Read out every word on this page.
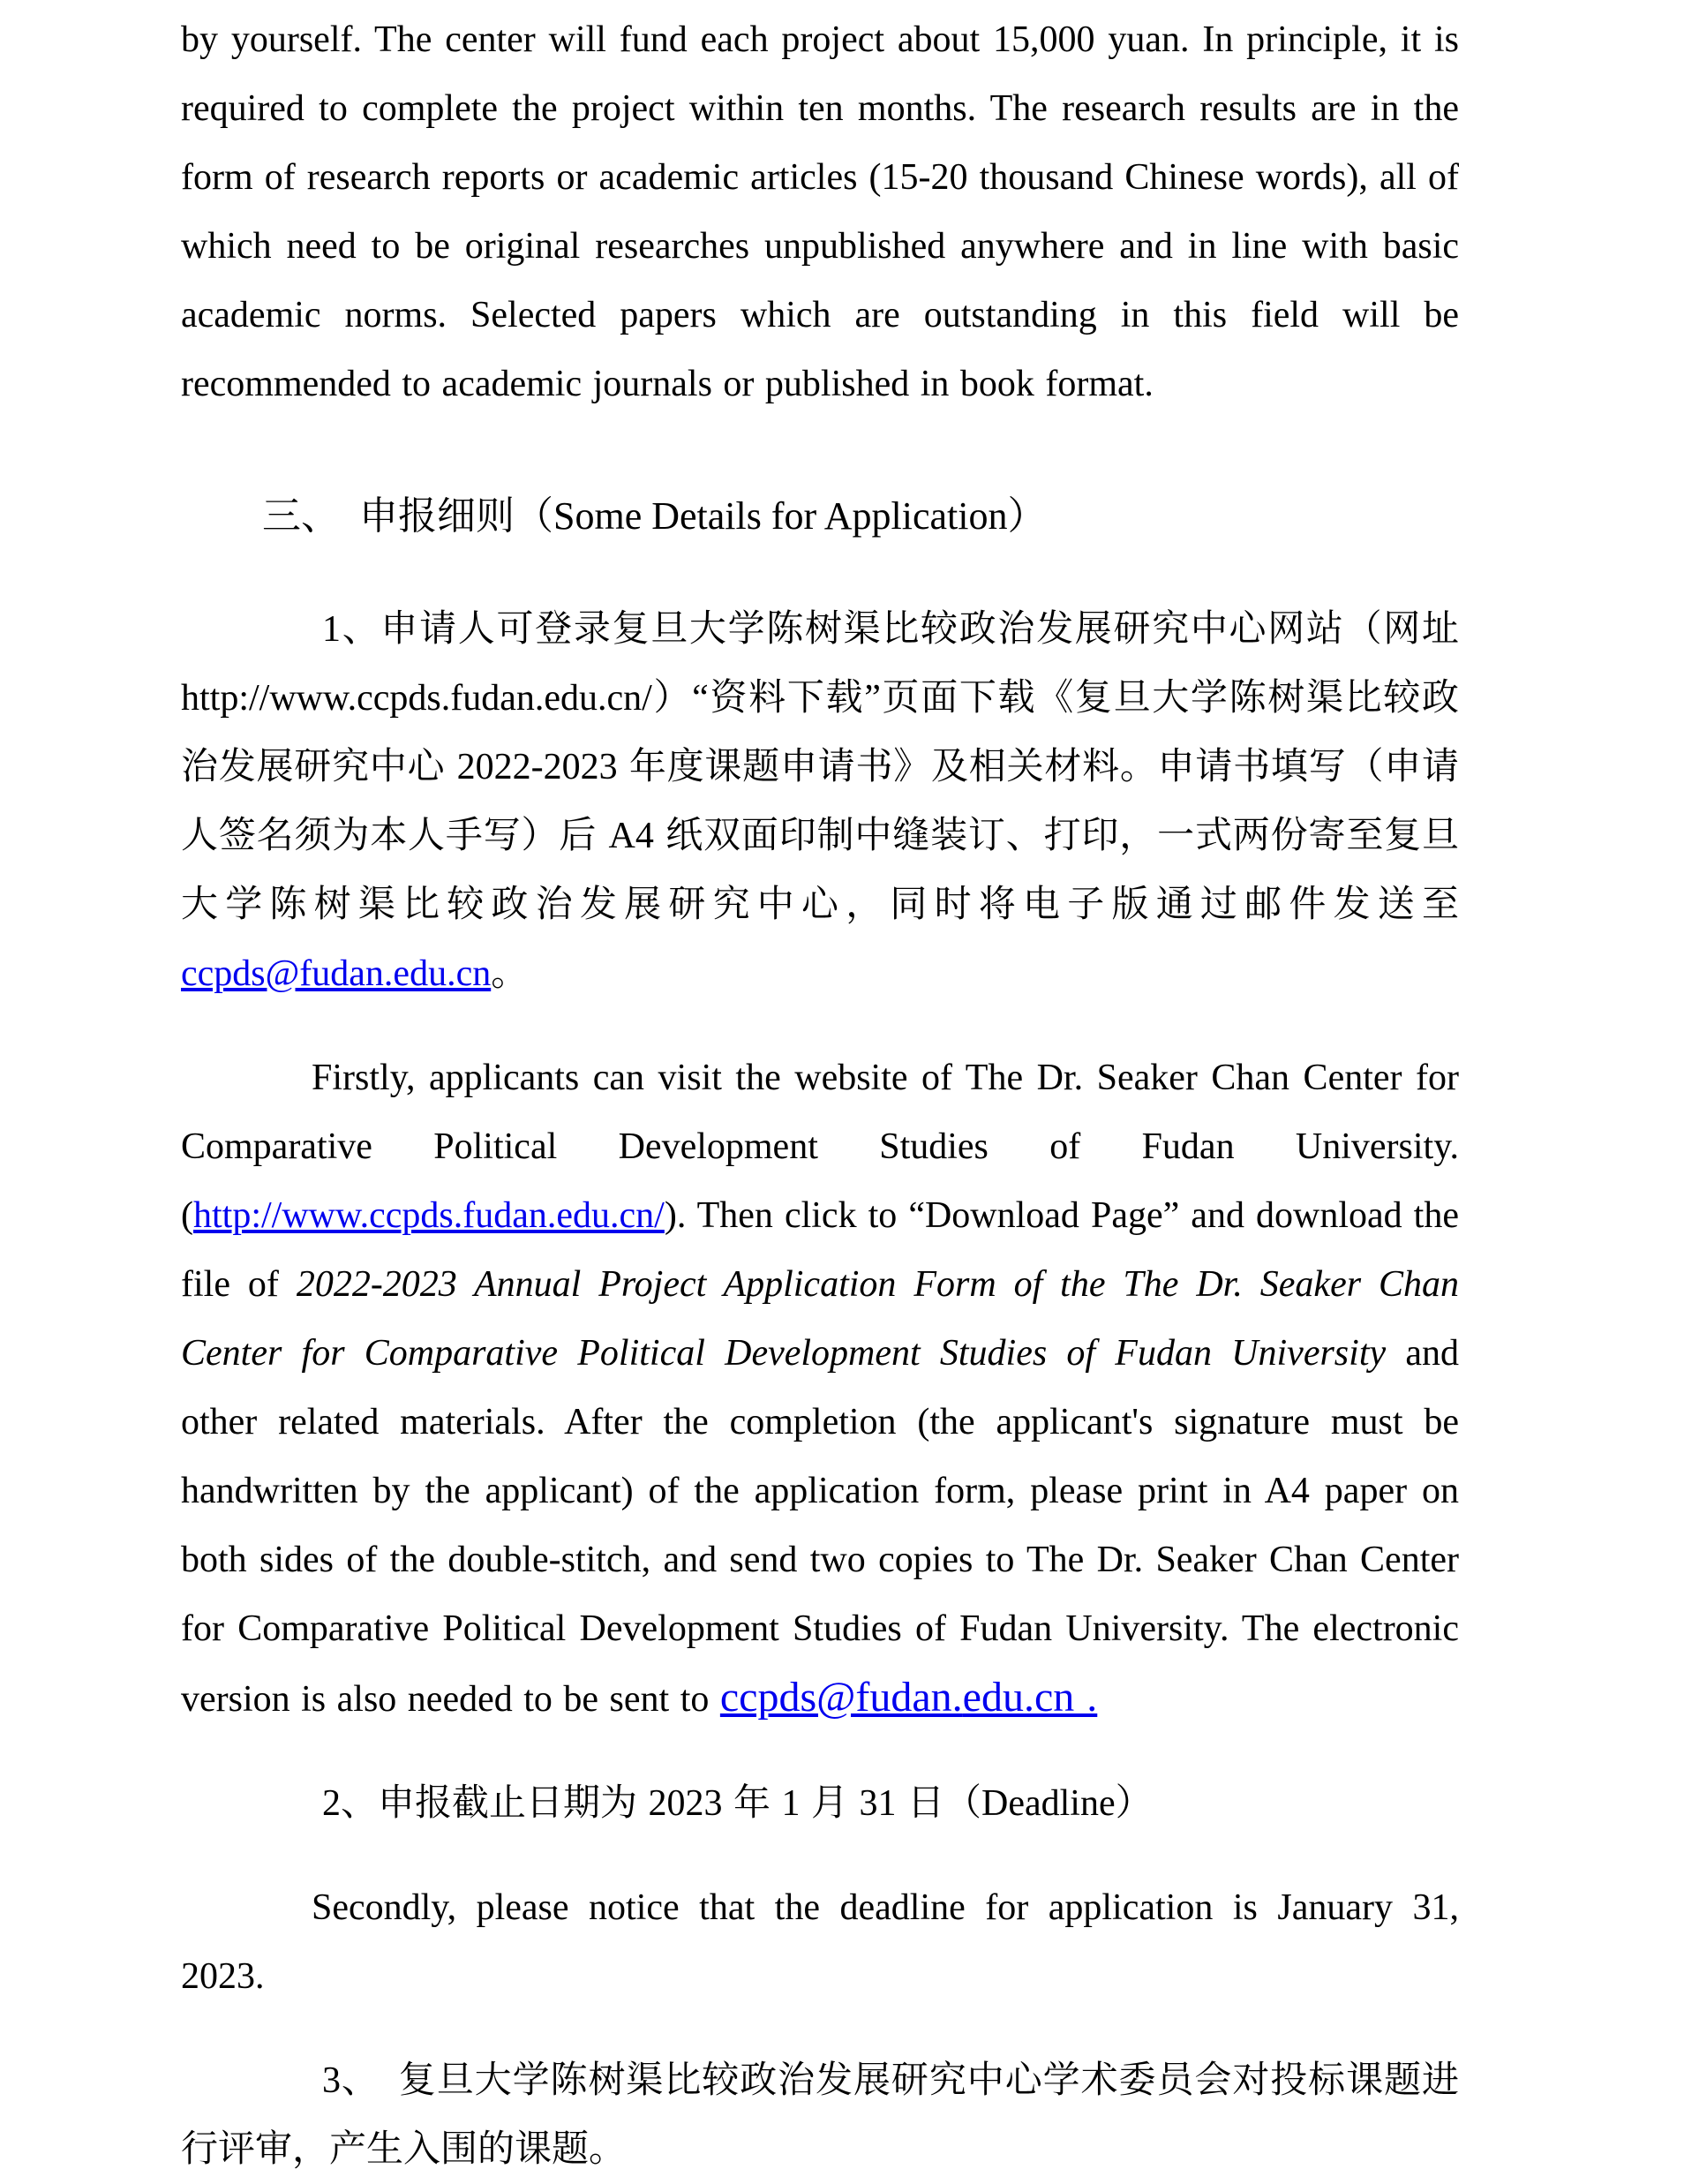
by yourself. The center will fund each project about 15,000 yuan. In principle, it is required to complete the project within ten months. The research results are in the form of research reports or academic articles (15-20 thousand Chinese words), all of which need to be original researches unpublished anywhere and in line with basic academic norms. Selected papers which are outstanding in this field will be recommended to academic journals or published in book format.

三、　申报细则（Some Details for Application）

1、申请人可登录复旦大学陈树渠比较政治发展研究中心网站（网址 http://www.ccpds.fudan.edu.cn/）“资料下载”页面下载《复旦大学陈树渠比较政治发展研究中心 2022-2023 年度课题申请书》及相关材料。申请书填写（申请人签名须为本人手写）后 A4 纸双面印制中缝装订、打印，一式两份寄至复旦大学陈树渠比较政治发展研究中心，同时将电子版通过邮件发送至ccpds@fudan.edu.cn。

Firstly, applicants can visit the website of The Dr. Seaker Chan Center for Comparative Political Development Studies of Fudan University. (http://www.ccpds.fudan.edu.cn/). Then click to “Download Page” and download the file of 2022-2023 Annual Project Application Form of the The Dr. Seaker Chan Center for Comparative Political Development Studies of Fudan University and other related materials. After the completion (the applicant's signature must be handwritten by the applicant) of the application form, please print in A4 paper on both sides of the double-stitch, and send two copies to The Dr. Seaker Chan Center for Comparative Political Development Studies of Fudan University. The electronic version is also needed to be sent to ccpds@fudan.edu.cn .

2、申报截止日期为 2023 年 1 月 31 日（Deadline）

Secondly, please notice that the deadline for application is January 31, 2023.

3、　复旦大学陈树渠比较政治发展研究中心学术委员会对投标课题进行评审，产生入围的课题。
